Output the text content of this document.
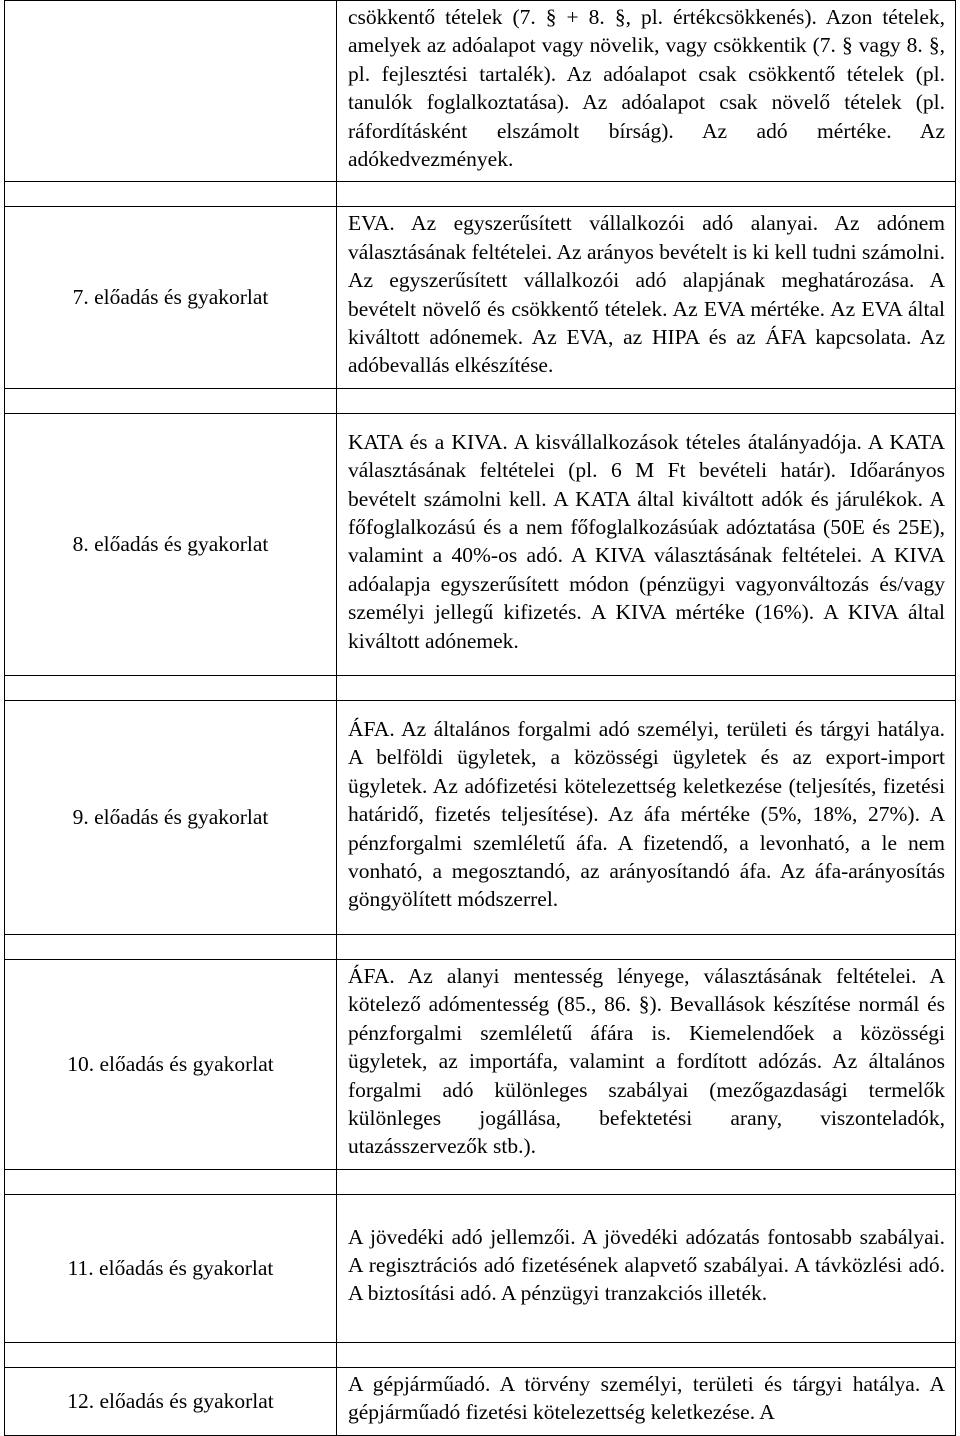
	csökkentő tételek (7. § + 8. §, pl. értékcsökkenés). Azon tételek, amelyek az adóalapot vagy növelik, vagy csökkentik (7. § vagy 8. §, pl. fejlesztési tartalék). Az adóalapot csak csökkentő tételek (pl. tanulók foglalkoztatása). Az adóalapot csak növelő tételek (pl. ráfordításként elszámolt bírság). Az adó mértéke. Az adókedvezmények.

7. előadás és gyakorlat	EVA. Az egyszerűsített vállalkozói adó alanyai. Az adónem választásának feltételei. Az arányos bevételt is ki kell tudni számolni. Az egyszerűsített vállalkozói adó alapjának meghatározása. A bevételt növelő és csökkentő tételek. Az EVA mértéke. Az EVA által kiváltott adónemek. Az EVA, az HIPA és az ÁFA kapcsolata. Az adóbevallás elkészítése.

8. előadás és gyakorlat	KATA és a KIVA. A kisvállalkozások tételes átalányadója. A KATA választásának feltételei (pl. 6 M Ft bevételi határ). Időarányos bevételt számolni kell. A KATA által kiváltott adók és járulékok. A főfoglalkozású és a nem főfoglalkozásúak adóztatása (50E és 25E), valamint a 40%-os adó. A KIVA választásának feltételei. A KIVA adóalapja egyszerűsített módon (pénzügyi vagyonváltozás és/vagy személyi jellegű kifizetés. A KIVA mértéke (16%). A KIVA által kiváltott adónemek.

9. előadás és gyakorlat	ÁFA. Az általános forgalmi adó személyi, területi és tárgyi hatálya. A belföldi ügyletek, a közösségi ügyletek és az export-import ügyletek. Az adófizetési kötelezettség keletkezése (teljesítés, fizetési határidő, fizetés teljesítése). Az áfa mértéke (5%, 18%, 27%). A pénzforgalmi szemléletű áfa. A fizetendő, a levonható, a le nem vonható, a megosztandó, az arányosítandó áfa. Az áfa-arányosítás göngyölített módszerrel.

10. előadás és gyakorlat	ÁFA. Az alanyi mentesség lényege, választásának feltételei. A kötelező adómentesség (85., 86. §). Bevallások készítése normál és pénzforgalmi szemléletű áfára is. Kiemelendőek a közösségi ügyletek, az importáfa, valamint a fordított adózás. Az általános forgalmi adó különleges szabályai (mezőgazdasági termelők különleges jogállása, befektetési arany, viszonteladók, utazásszervezők stb.).

11. előadás és gyakorlat	A jövedéki adó jellemzői. A jövedéki adózatás fontosabb szabályai. A regisztrációs adó fizetésének alapvető szabályai. A távközlési adó. A biztosítási adó. A pénzügyi tranzakciós illeték.

12. előadás és gyakorlat	A gépjárműadó. A törvény személyi, területi és tárgyi hatálya. A gépjárműadó fizetési kötelezettség keletkezése. A
